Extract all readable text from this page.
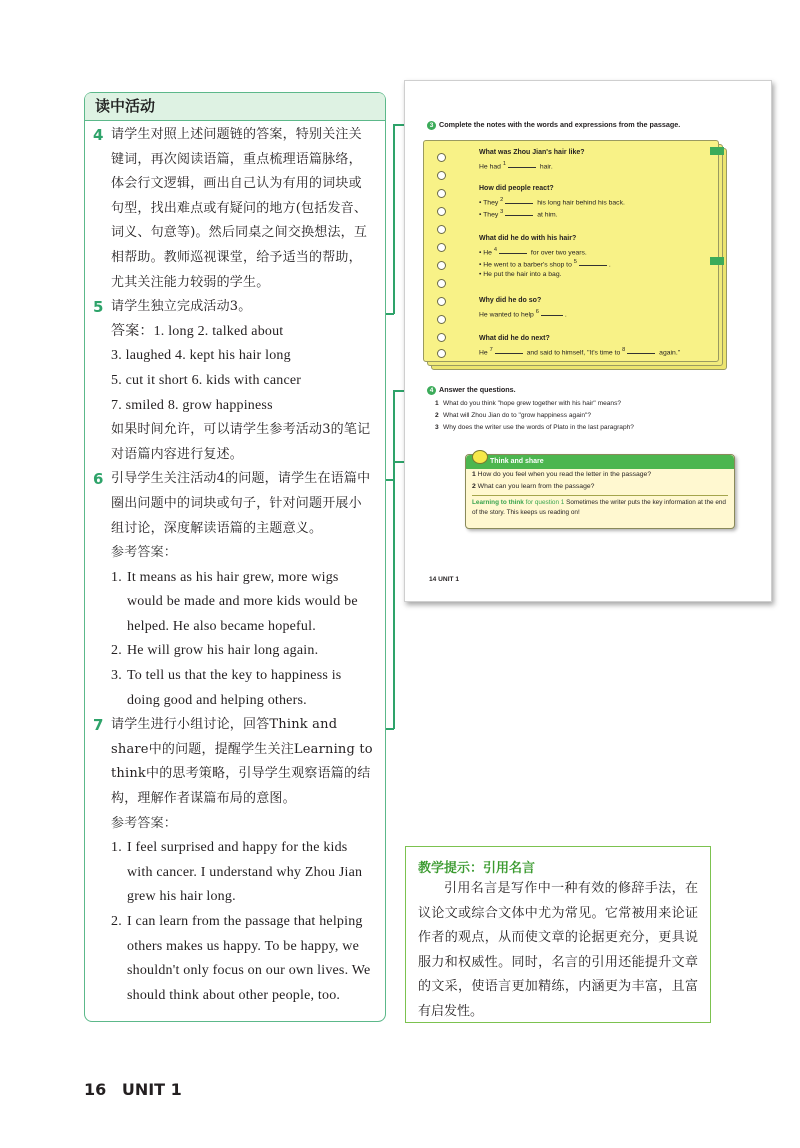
读中活动
4 请学生对照上述问题链的答案，特别关注关键词，再次阅读语篇，重点梳理语篇脉络，体会行文逻辑，画出自己认为有用的词块或句型，找出难点或有疑问的地方(包括发音、词义、句意等)。然后同桌之间交换想法，互相帮助。教师巡视课堂，给予适当的帮助，尤其关注能力较弱的学生。
5 请学生独立完成活动3。
答案：1. long 2. talked about
3. laughed 4. kept his hair long
5. cut it short 6. kids with cancer
7. smiled 8. grow happiness
如果时间允许，可以请学生参考活动3的笔记对语篇内容进行复述。
6 引导学生关注活动4的问题，请学生在语篇中圈出问题中的词块或句子，针对问题开展小组讨论，深度解读语篇的主题意义。
参考答案：
1. It means as his hair grew, more wigs would be made and more kids would be helped. He also became hopeful.
2. He will grow his hair long again.
3. To tell us that the key to happiness is doing good and helping others.
7 请学生进行小组讨论，回答Think and share中的问题，提醒学生关注Learning to think中的思考策略，引导学生观察语篇的结构，理解作者谋篇布局的意图。
参考答案：
1. I feel surprised and happy for the kids with cancer. I understand why Zhou Jian grew his hair long.
2. I can learn from the passage that helping others makes us happy. To be happy, we shouldn't only focus on our own lives. We should think about other people, too.
3 Complete the notes with the words and expressions from the passage.
What was Zhou Jian's hair like?
He had $^1$	hair.
How did people react?
• They $^2$	his long hair behind his back.
• They $^3$	at him.
What did he do with his hair?
• He $^4$	for over two years.
• He went to a barber's shop to $^5$	.
• He put the hair into a bag.
Why did he do so?
He wanted to help $^6$	.
What did he do next?
He $^7$	and said to himself, "It's time to $^8$	again."
4 Answer the questions.
1 What do you think "hope grew together with his hair" means?
2 What will Zhou Jian do to "grow happiness again"?
3 Why does the writer use the words of Plato in the last paragraph?
Think and share
1 How do you feel when you read the letter in the passage?
2 What can you learn from the passage?
Learning to think for question 1 Sometimes the writer puts the key information at the end of the story. This keeps us reading on!
14 UNIT 1
教学提示：引用名言
引用名言是写作中一种有效的修辞手法，在议论文或综合文体中尤为常见。它常被用来论证作者的观点，从而使文章的论据更充分，更具说服力和权威性。同时，名言的引用还能提升文章的文采，使语言更加精练，内涵更为丰富，且富有启发性。
16 UNIT 1
